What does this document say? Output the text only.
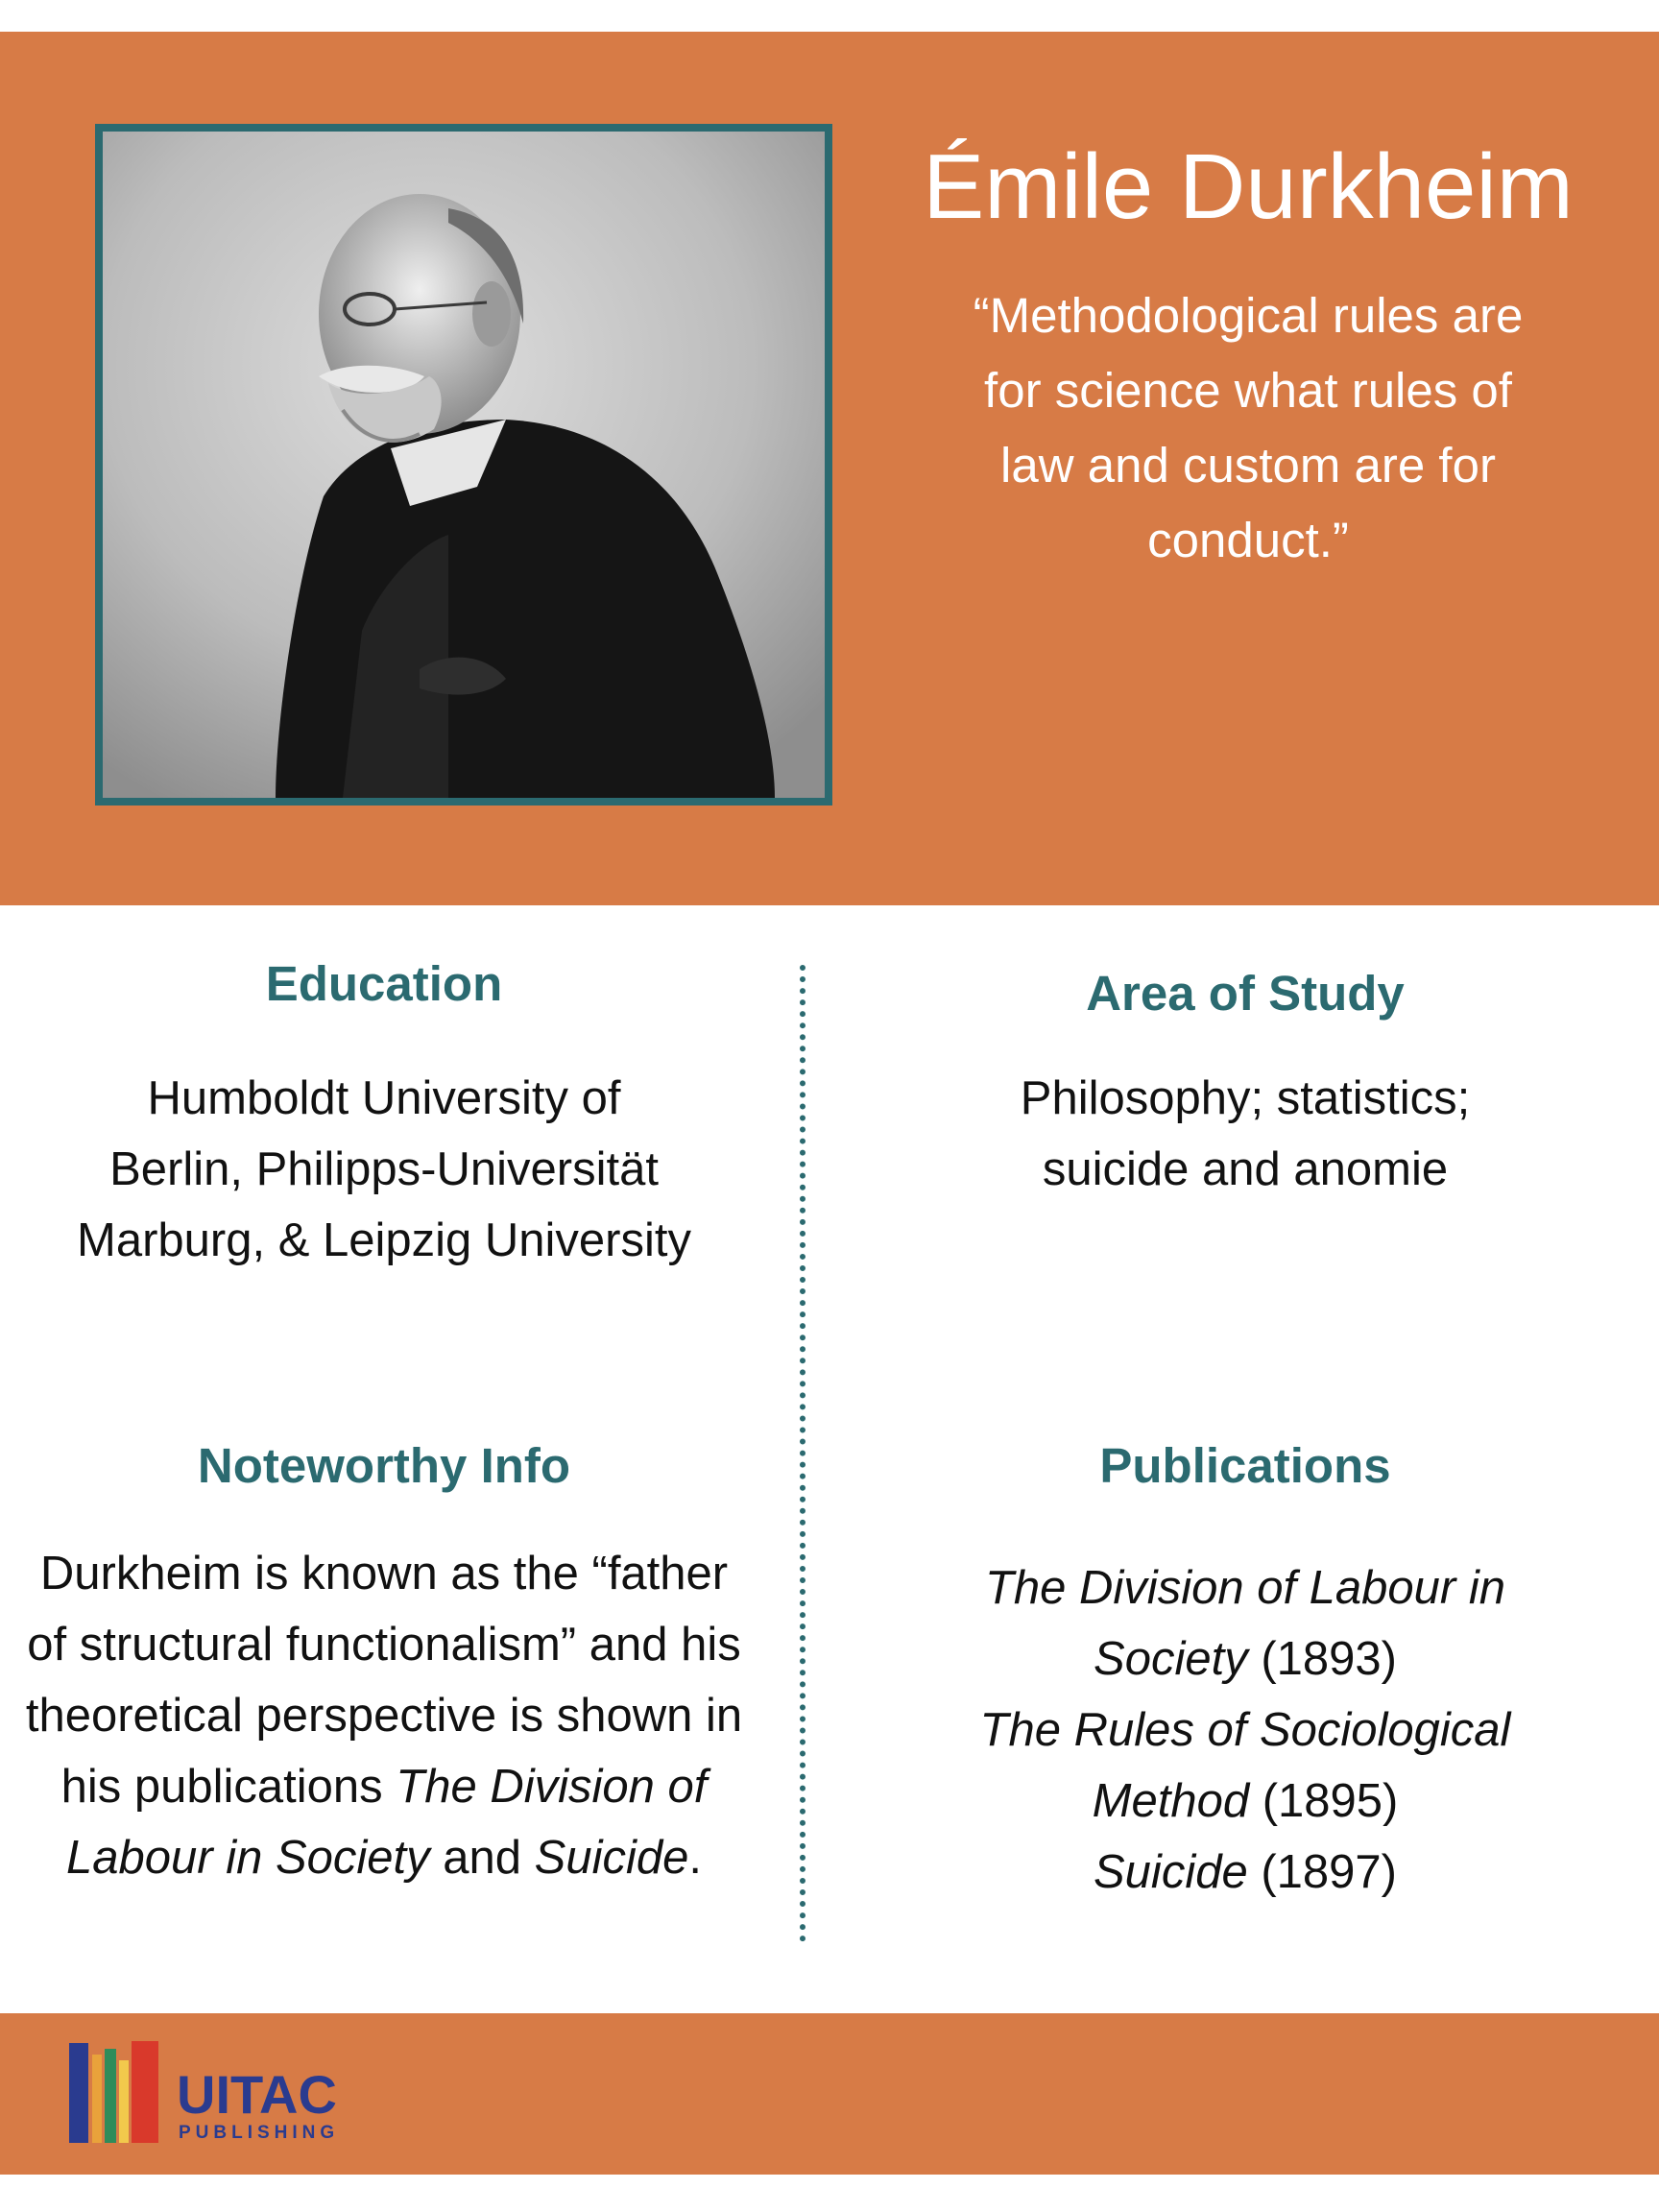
Émile Durkheim

“Methodological rules are for science what rules of law and custom are for conduct.”

Education

Humboldt University of Berlin, Philipps-Universität Marburg, & Leipzig University

Area of Study

Philosophy; statistics; suicide and anomie

Noteworthy Info

Durkheim is known as the “father of structural functionalism” and his theoretical perspective is shown in his publications The Division of Labour in Society and Suicide.

Publications

The Division of Labour in Society (1893)
The Rules of Sociological Method (1895)
Suicide (1897)

UITAC

PUBLISHING
